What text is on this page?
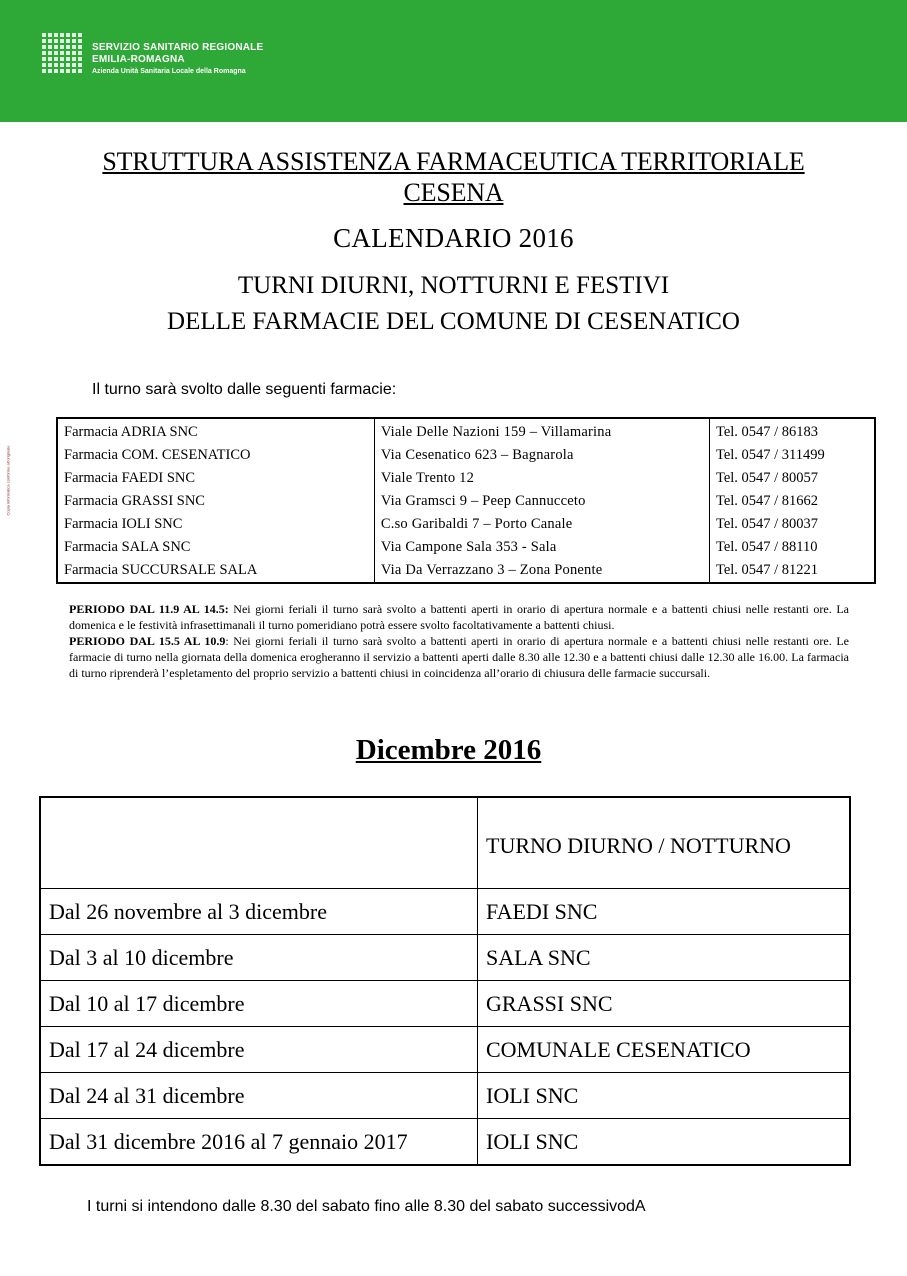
SERVIZIO SANITARIO REGIONALE
EMILIA-ROMAGNA
Azienda Unità Sanitaria Locale della Romagna
Copia informatica conforme all'originale
STRUTTURA ASSISTENZA FARMACEUTICA TERRITORIALE
CESENA
CALENDARIO 2016
TURNI DIURNI, NOTTURNI E FESTIVI
DELLE FARMACIE DEL COMUNE DI CESENATICO
Il turno sarà svolto dalle seguenti farmacie:
Farmacia ADRIA SNC	Viale Delle Nazioni 159 – Villamarina	Tel. 0547 / 86183
Farmacia COM. CESENATICO	Via Cesenatico 623 – Bagnarola	Tel. 0547 / 311499
Farmacia FAEDI SNC	Viale Trento 12	Tel. 0547 / 80057
Farmacia GRASSI SNC	Via Gramsci 9 – Peep Cannucceto	Tel. 0547 / 81662
Farmacia IOLI SNC	C.so Garibaldi 7 – Porto Canale	Tel. 0547 / 80037
Farmacia SALA SNC	Via Campone Sala 353 - Sala	Tel. 0547 / 88110
Farmacia SUCCURSALE SALA	Via Da Verrazzano 3 – Zona Ponente	Tel. 0547 / 81221

PERIODO DAL 11.9 AL 14.5: Nei giorni feriali il turno sarà svolto a battenti aperti in orario di apertura normale e a battenti chiusi nelle restanti ore. La domenica e le festività infrasettimanali il turno pomeridiano potrà essere svolto facoltativamente a battenti chiusi.

PERIODO DAL 15.5 AL 10.9: Nei giorni feriali il turno sarà svolto a battenti aperti in orario di apertura normale e a battenti chiusi nelle restanti ore. Le farmacie di turno nella giornata della domenica erogheranno il servizio a battenti aperti dalle 8.30 alle 12.30 e a battenti chiusi dalle 12.30 alle 16.00. La farmacia di turno riprenderà l’espletamento del proprio servizio a battenti chiusi in coincidenza all’orario di chiusura delle farmacie succursali.

Dicembre 2016
	TURNO DIURNO / NOTTURNO
Dal 26 novembre al 3 dicembre	FAEDI SNC
Dal 3 al 10 dicembre	SALA SNC
Dal 10 al 17 dicembre	GRASSI SNC
Dal 17 al 24 dicembre	COMUNALE CESENATICO
Dal 24 al 31 dicembre	IOLI SNC
Dal 31 dicembre 2016 al 7 gennaio 2017	IOLI SNC
I turni si intendono dalle 8.30 del sabato fino alle 8.30 del sabato successivodA
